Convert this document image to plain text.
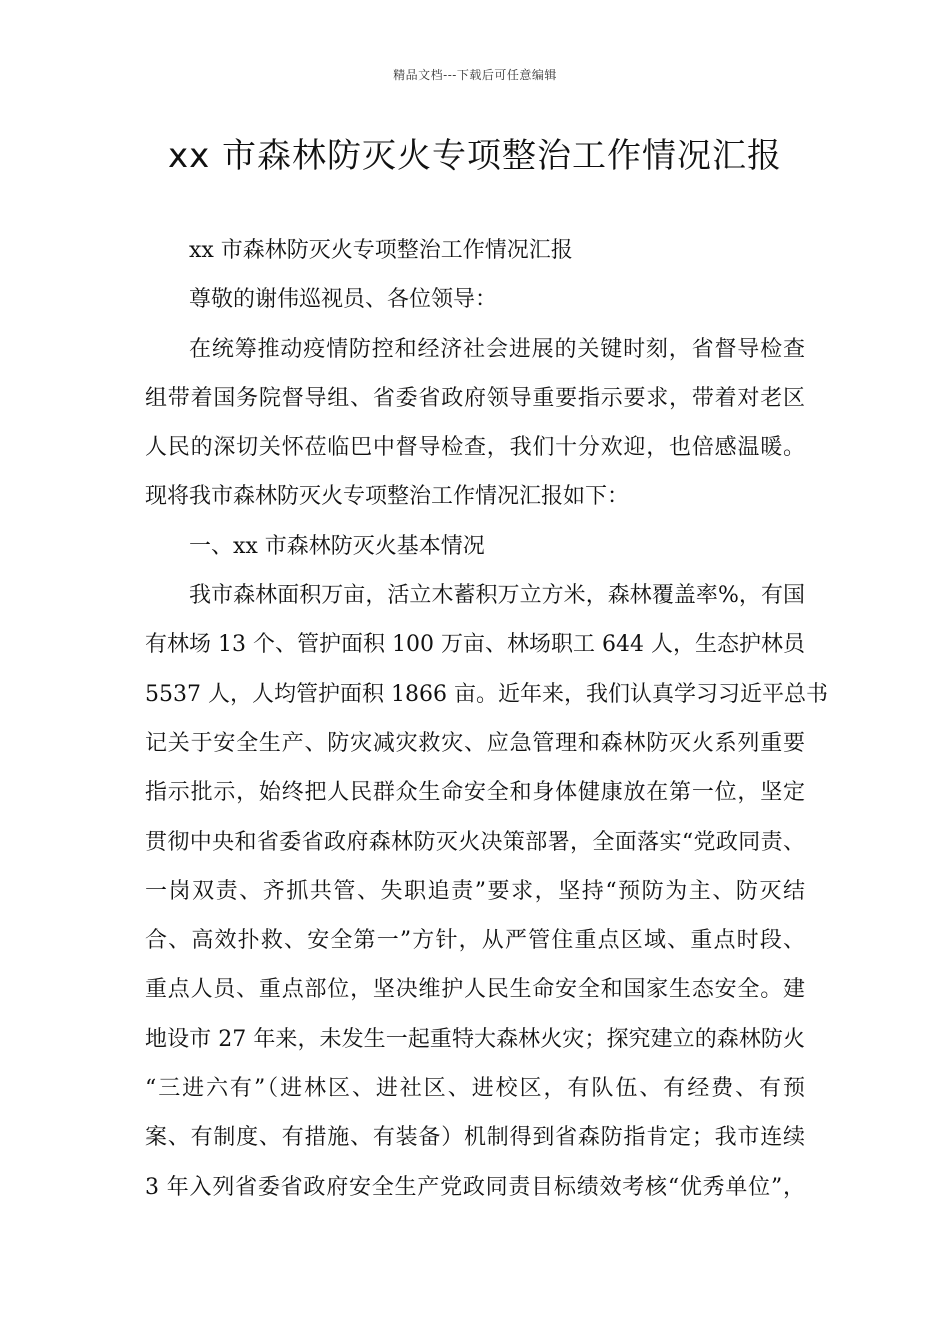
精品文档---下载后可任意编辑
xx 市森林防灭火专项整治工作情况汇报
xx 市森林防灭火专项整治工作情况汇报
尊敬的谢伟巡视员、各位领导：
在统筹推动疫情防控和经济社会进展的关键时刻，省督导检查
组带着国务院督导组、省委省政府领导重要指示要求，带着对老区
人民的深切关怀莅临巴中督导检查，我们十分欢迎，也倍感温暖。
现将我市森林防灭火专项整治工作情况汇报如下：
一、xx 市森林防灭火基本情况
我市森林面积万亩，活立木蓄积万立方米，森林覆盖率%，有国
有林场 13 个、管护面积 100 万亩、林场职工 644 人，生态护林员
5537 人，人均管护面积 1866 亩。近年来，我们认真学习习近平总书
记关于安全生产、防灾减灾救灾、应急管理和森林防灭火系列重要
指示批示，始终把人民群众生命安全和身体健康放在第一位，坚定
贯彻中央和省委省政府森林防灭火决策部署，全面落实“党政同责、
一岗双责、齐抓共管、失职追责”要求，坚持“预防为主、防灭结
合、高效扑救、安全第一”方针，从严管住重点区域、重点时段、
重点人员、重点部位，坚决维护人民生命安全和国家生态安全。建
地设市 27 年来，未发生一起重特大森林火灾；探究建立的森林防火
“三进六有”（进林区、进社区、进校区，有队伍、有经费、有预
案、有制度、有措施、有装备）机制得到省森防指肯定；我市连续
3 年入列省委省政府安全生产党政同责目标绩效考核“优秀单位”，
